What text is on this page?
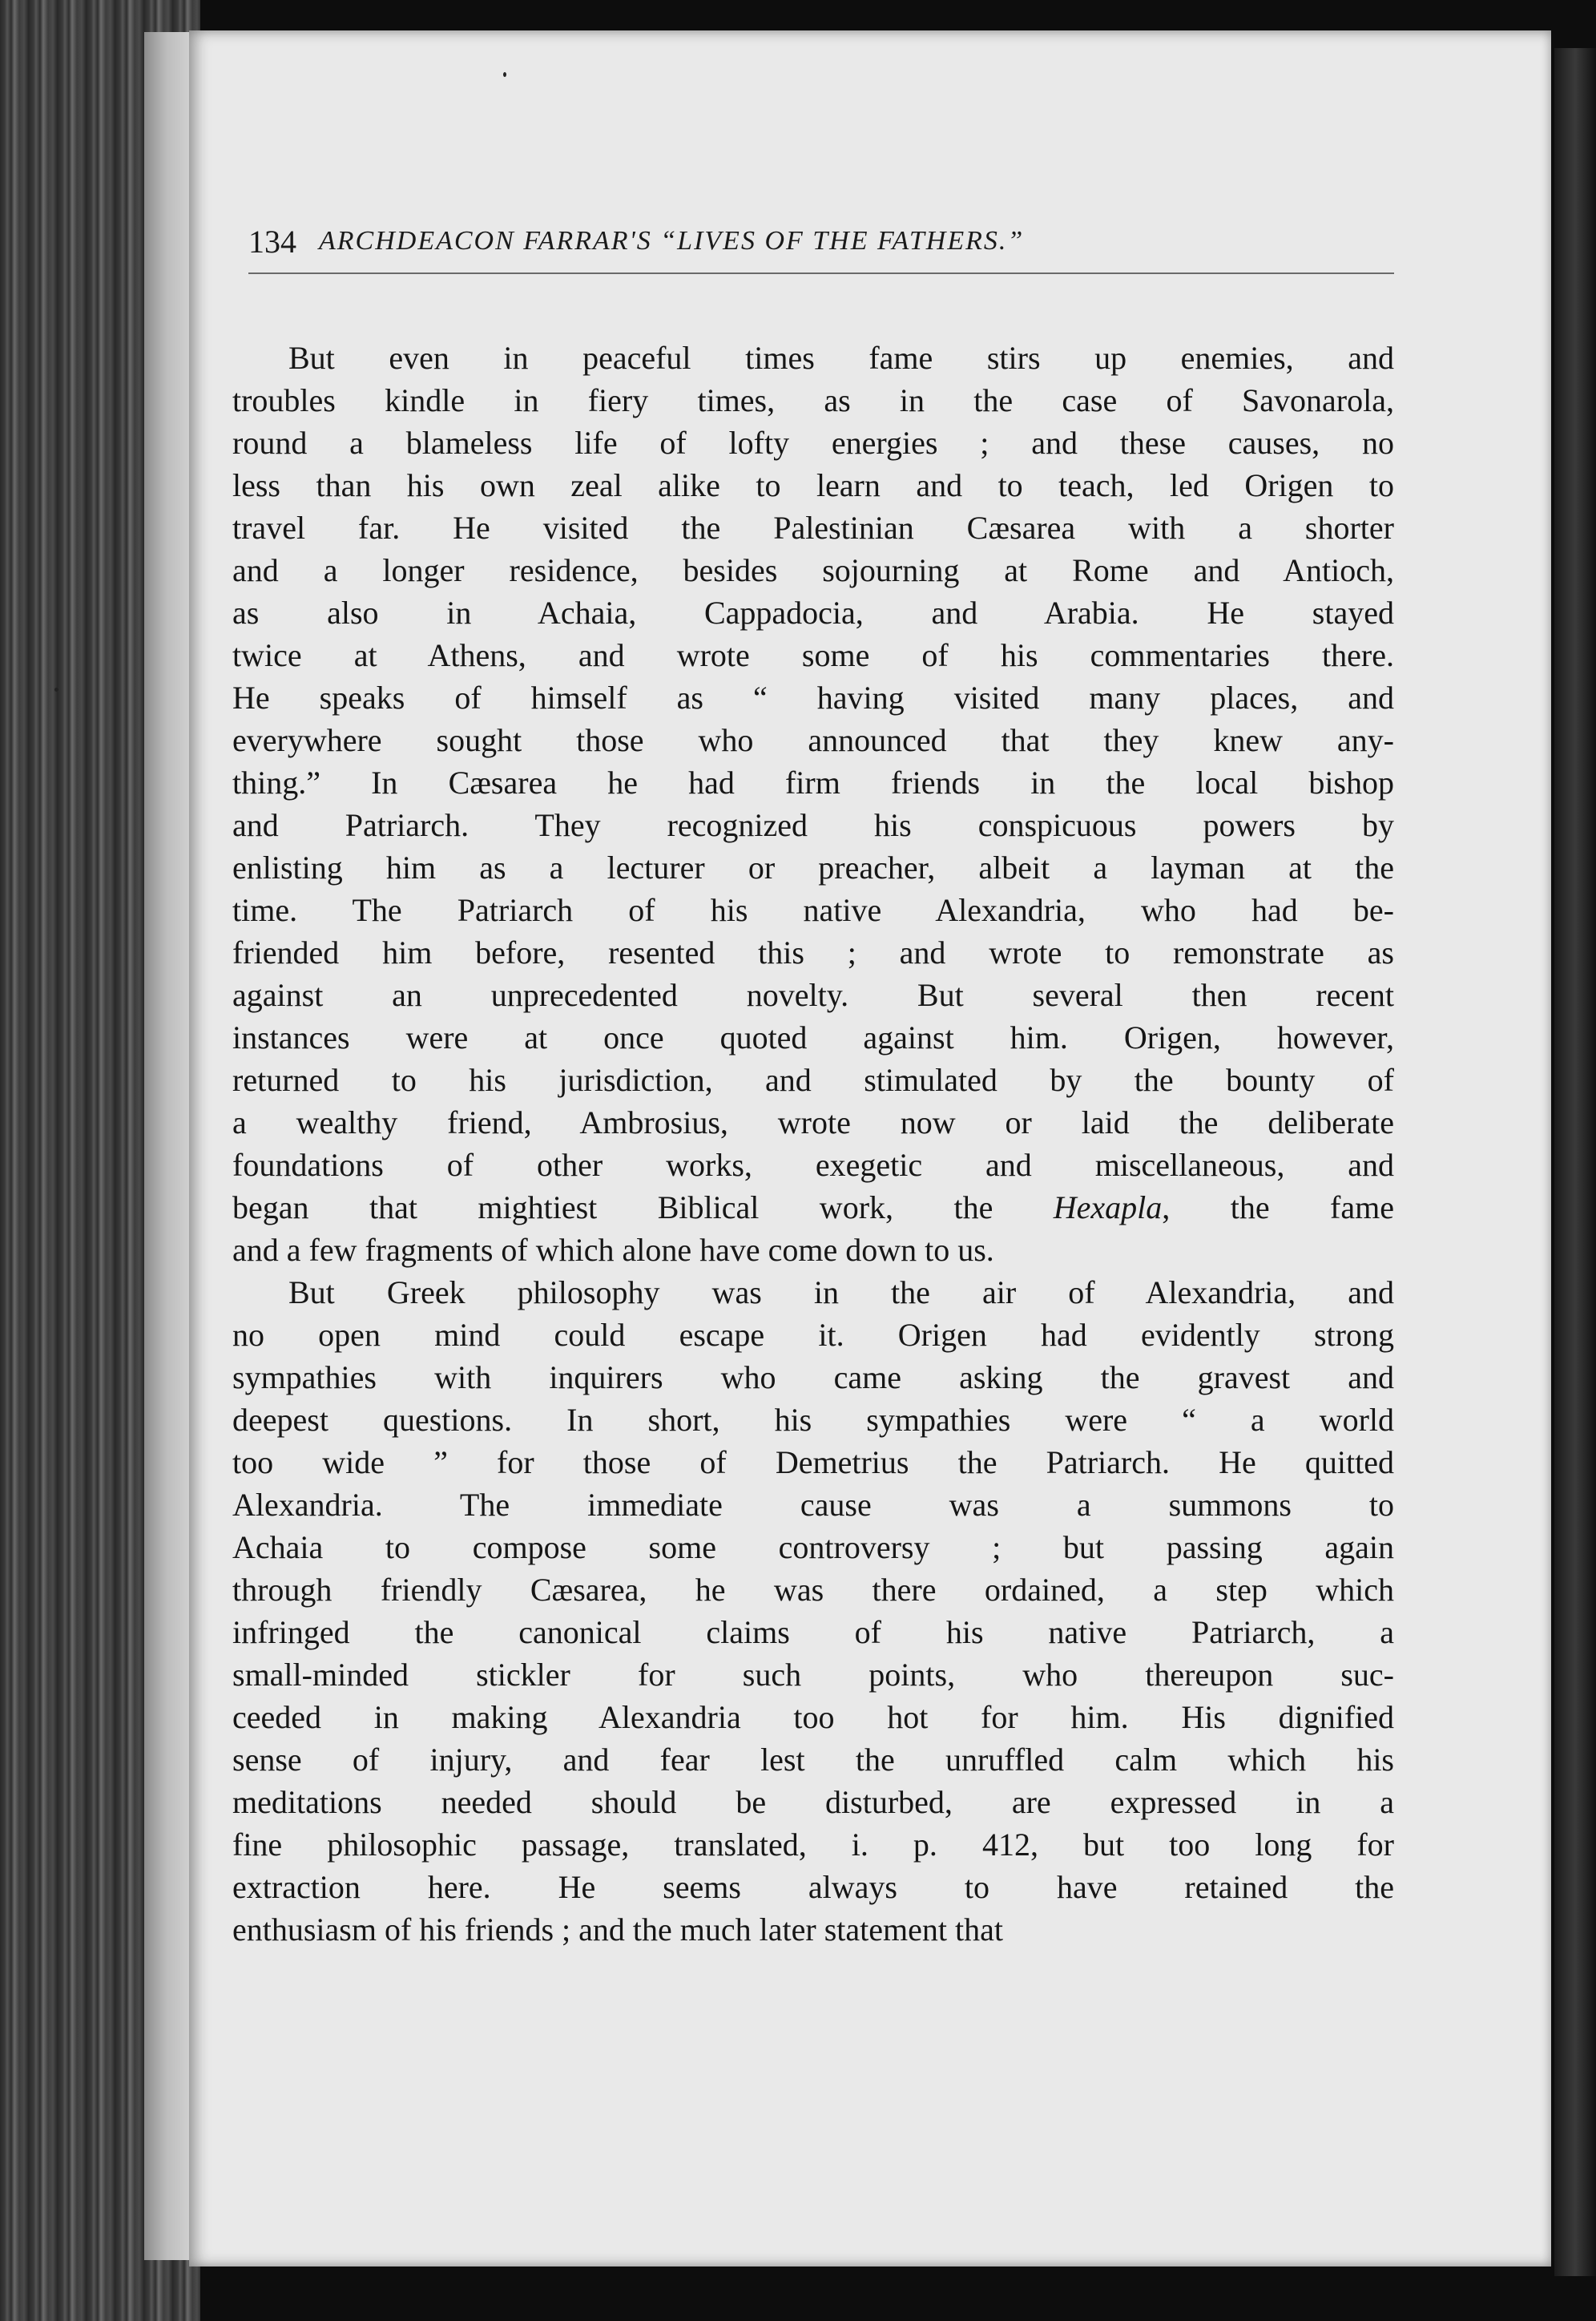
134 ARCHDEACON FARRAR'S “LIVES OF THE FATHERS.”

But even in peaceful times fame stirs up enemies, and
troubles kindle in fiery times, as in the case of Savonarola,
round a blameless life of lofty energies ; and these causes, no
less than his own zeal alike to learn and to teach, led Origen to
travel far. He visited the Palestinian Cæsarea with a shorter
and a longer residence, besides sojourning at Rome and Antioch,
as also in Achaia, Cappadocia, and Arabia. He stayed
twice at Athens, and wrote some of his commentaries there.
He speaks of himself as “ having visited many places, and
everywhere sought those who announced that they knew any-
thing.” In Cæsarea he had firm friends in the local bishop
and Patriarch. They recognized his conspicuous powers by
enlisting him as a lecturer or preacher, albeit a layman at the
time. The Patriarch of his native Alexandria, who had be-
friended him before, resented this ; and wrote to remonstrate as
against an unprecedented novelty. But several then recent
instances were at once quoted against him. Origen, however,
returned to his jurisdiction, and stimulated by the bounty of
a wealthy friend, Ambrosius, wrote now or laid the deliberate
foundations of other works, exegetic and miscellaneous, and
began that mightiest Biblical work, the Hexapla, the fame
and a few fragments of which alone have come down to us.

But Greek philosophy was in the air of Alexandria, and
no open mind could escape it. Origen had evidently strong
sympathies with inquirers who came asking the gravest and
deepest questions. In short, his sympathies were “ a world
too wide ” for those of Demetrius the Patriarch. He quitted
Alexandria. The immediate cause was a summons to
Achaia to compose some controversy ; but passing again
through friendly Cæsarea, he was there ordained, a step which
infringed the canonical claims of his native Patriarch, a
small-minded stickler for such points, who thereupon suc-
ceeded in making Alexandria too hot for him. His dignified
sense of injury, and fear lest the unruffled calm which his
meditations needed should be disturbed, are expressed in a
fine philosophic passage, translated, i. p. 412, but too long for
extraction here. He seems always to have retained the
enthusiasm of his friends ; and the much later statement that
